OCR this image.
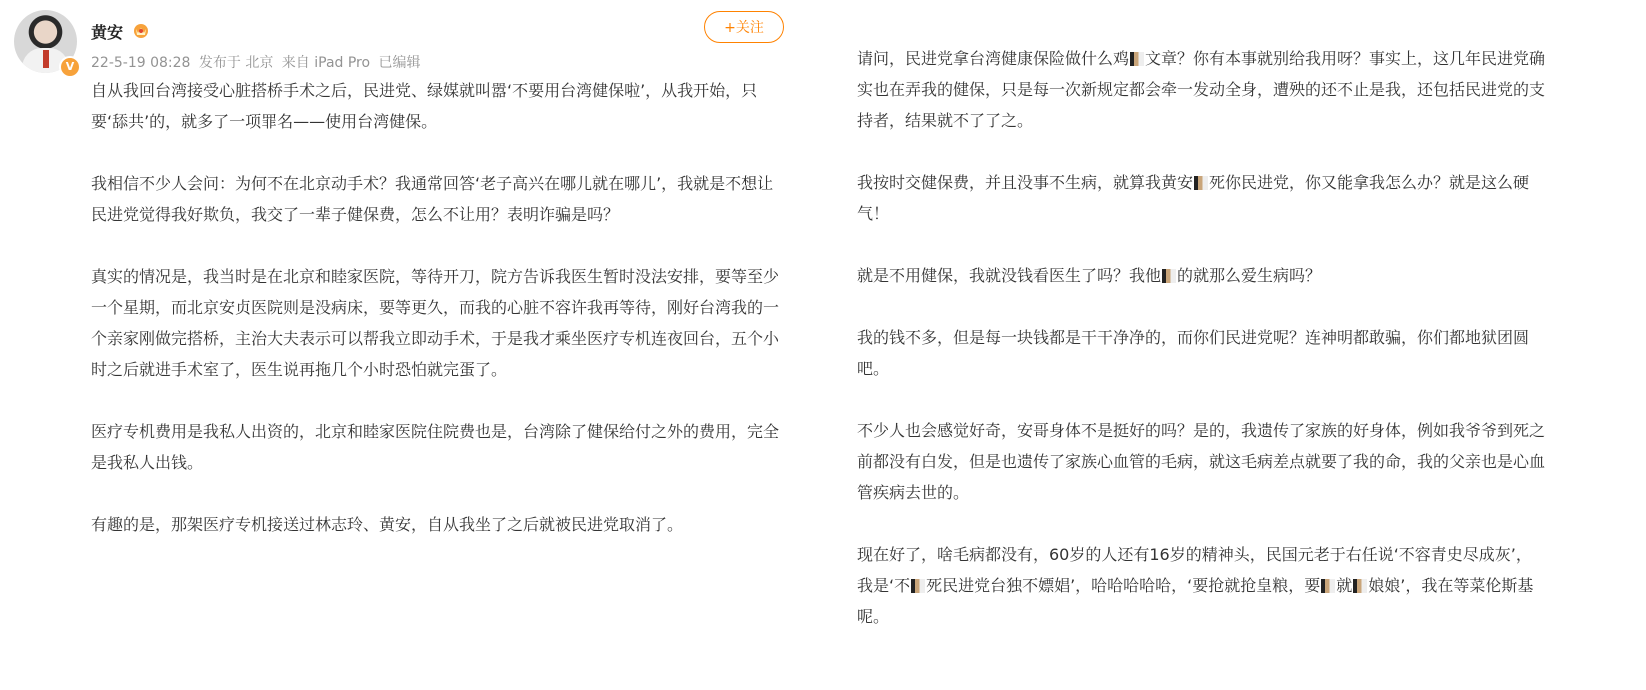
V
黄安
22-5-19 08:28 发布于 北京 来自 iPad Pro 已编辑
+关注

自从我回台湾接受心脏搭桥手术之后，民进党、绿媒就叫嚣‘不要用台湾健保啦’，从我开始，只要‘舔共’的，就多了一项罪名——使用台湾健保。

我相信不少人会问：为何不在北京动手术？我通常回答‘老子高兴在哪儿就在哪儿’，我就是不想让民进党觉得我好欺负，我交了一辈子健保费，怎么不让用？表明诈骗是吗？

真实的情况是，我当时是在北京和睦家医院，等待开刀，院方告诉我医生暂时没法安排，要等至少一个星期，而北京安贞医院则是没病床，要等更久，而我的心脏不容许我再等待，刚好台湾我的一个亲家刚做完搭桥，主治大夫表示可以帮我立即动手术，于是我才乘坐医疗专机连夜回台，五个小时之后就进手术室了，医生说再拖几个小时恐怕就完蛋了。

医疗专机费用是我私人出资的，北京和睦家医院住院费也是，台湾除了健保给付之外的费用，完全是我私人出钱。

有趣的是，那架医疗专机接送过林志玲、黄安，自从我坐了之后就被民进党取消了。

请问，民进党拿台湾健康保险做什么鸡 文章？你有本事就别给我用呀？事实上，这几年民进党确实也在弄我的健保，只是每一次新规定都会牵一发动全身，遭殃的还不止是我，还包括民进党的支持者，结果就不了了之。

我按时交健保费，并且没事不生病，就算我黄安 死你民进党，你又能拿我怎么办？就是这么硬气！

就是不用健保，我就没钱看医生了吗？我他 的就那么爱生病吗？

我的钱不多，但是每一块钱都是干干净净的，而你们民进党呢？连神明都敢骗，你们都地狱团圆吧。

不少人也会感觉好奇，安哥身体不是挺好的吗？是的，我遗传了家族的好身体，例如我爷爷到死之前都没有白发，但是也遗传了家族心血管的毛病，就这毛病差点就要了我的命，我的父亲也是心血管疾病去世的。

现在好了，啥毛病都没有，60岁的人还有16岁的精神头，民国元老于右任说‘不容青史尽成灰’，我是‘不 死民进党台独不嫖娼’，哈哈哈哈哈，‘要抢就抢皇粮，要 就 娘娘’，我在等菜伦斯基呢。
